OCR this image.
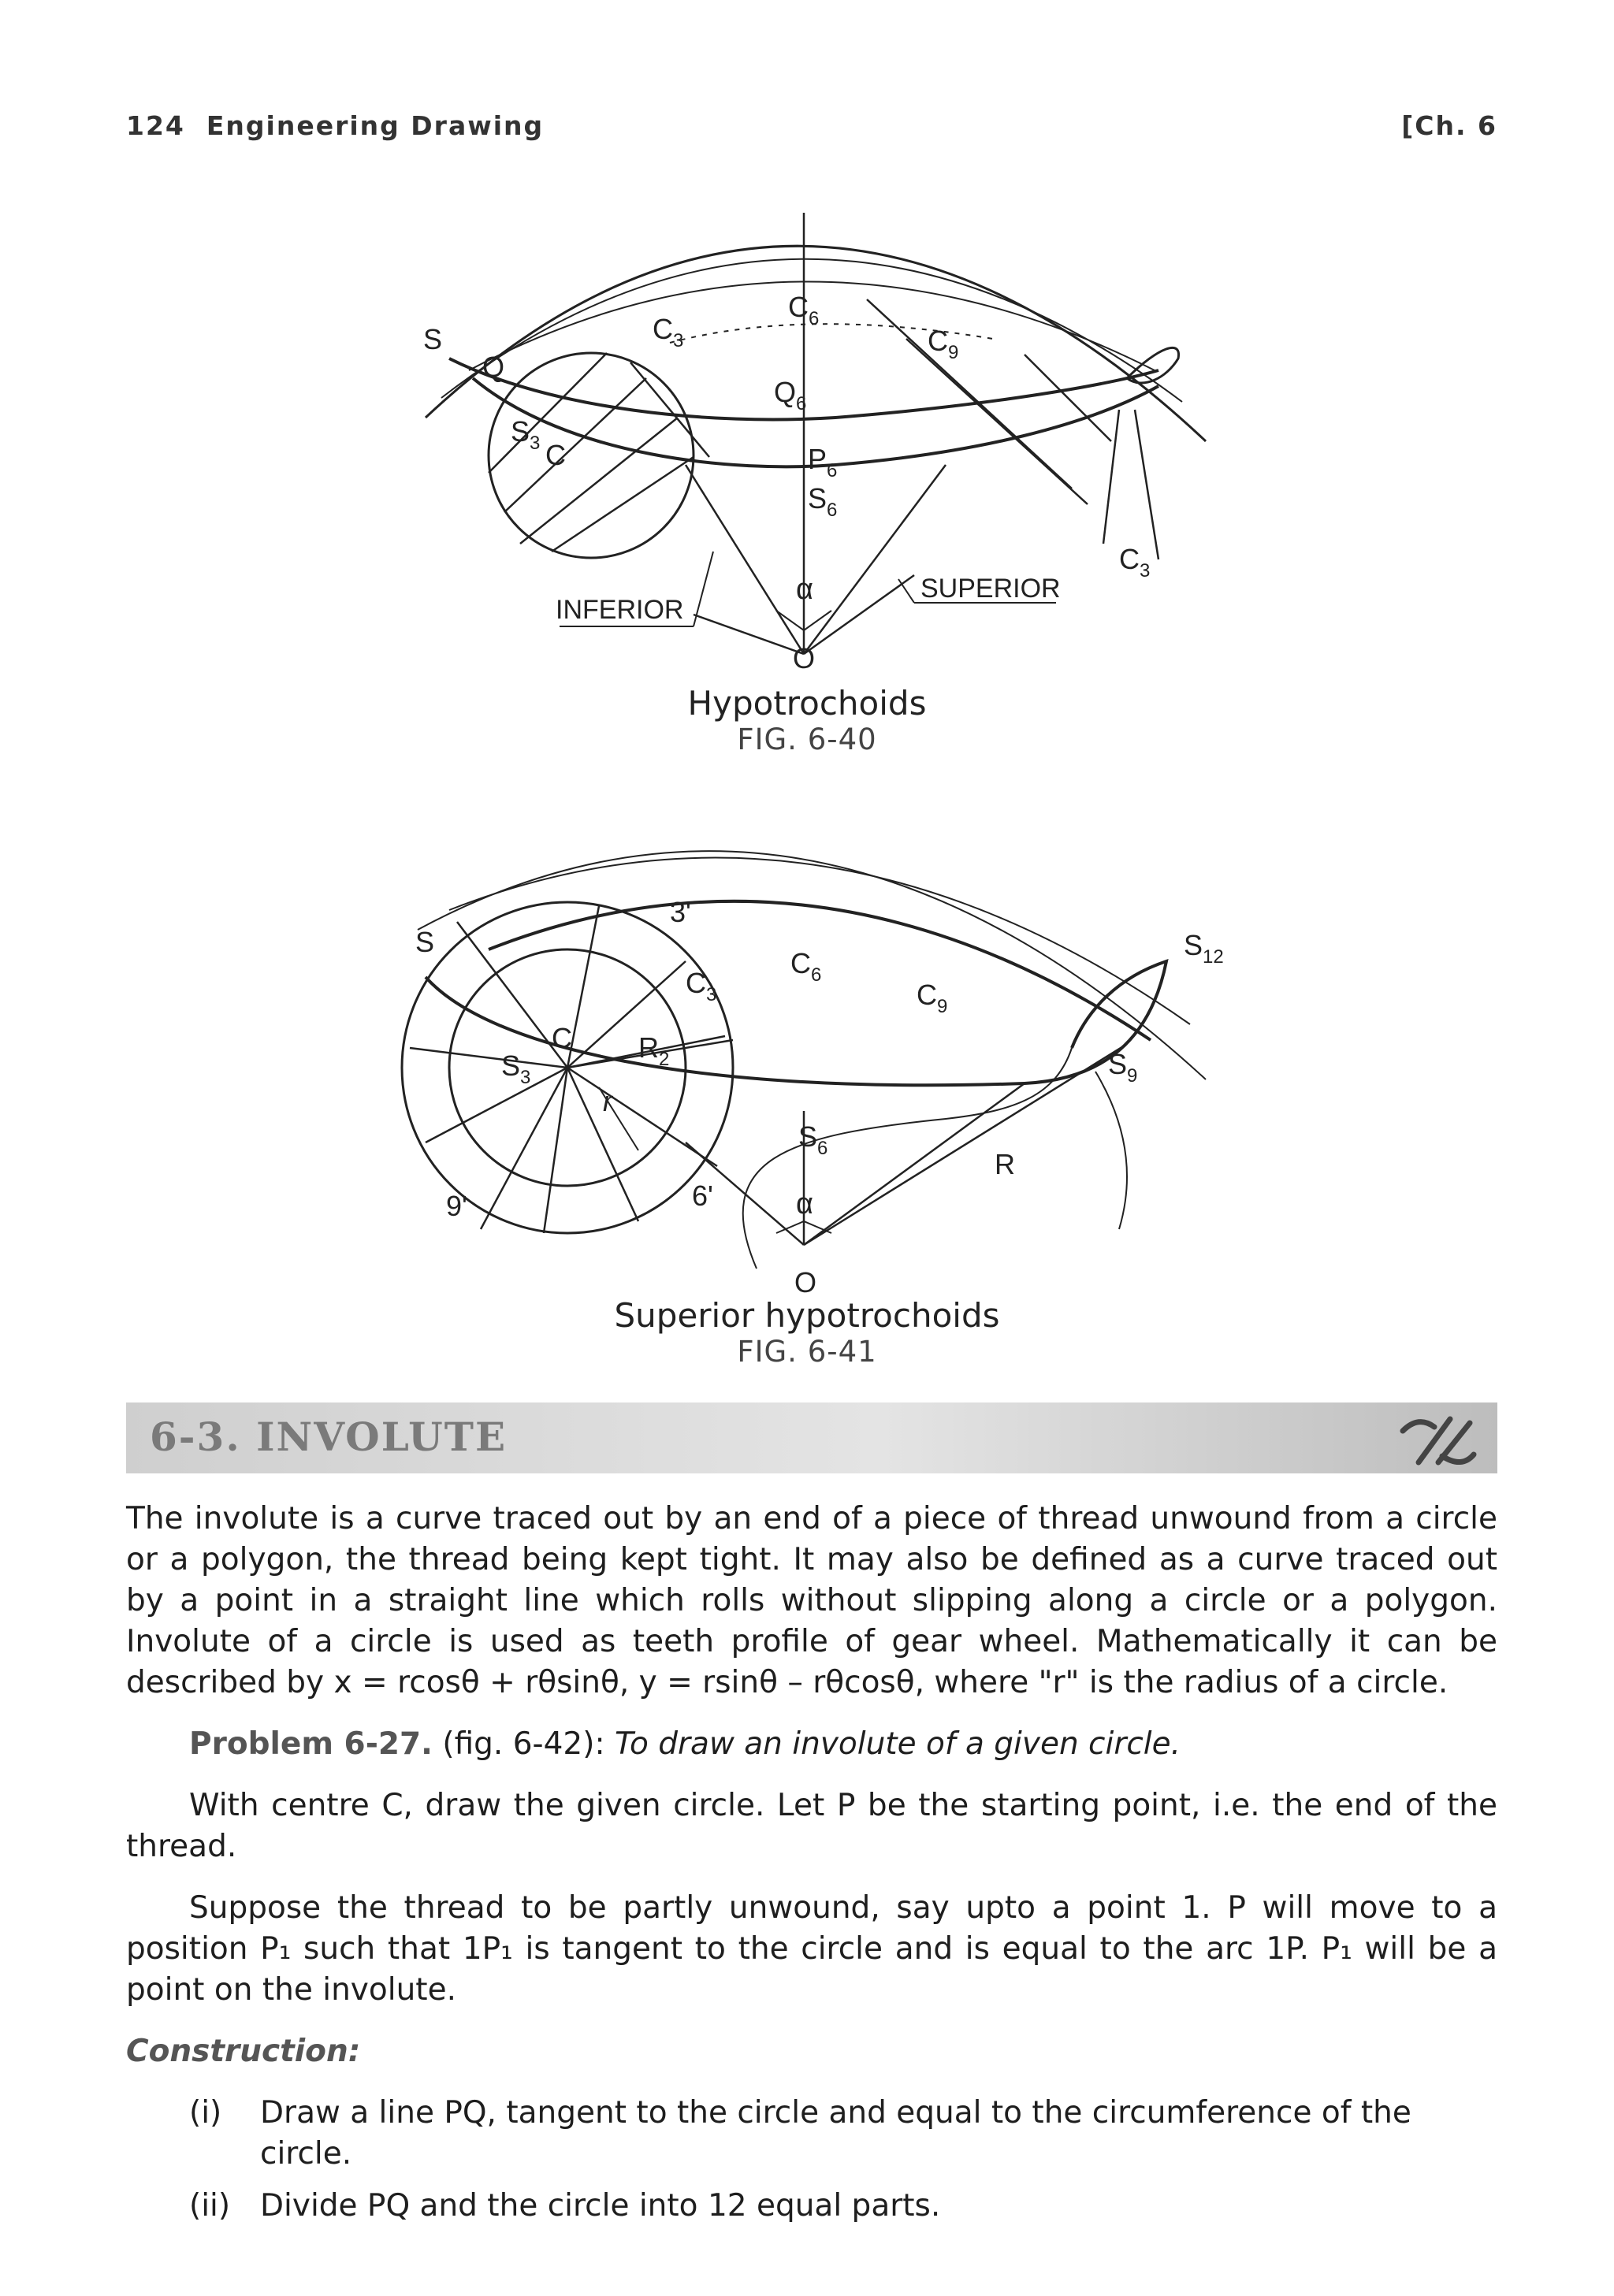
124 Engineering Drawing	[Ch. 6
S
Q
$C_3$
$C_6$
$C_9$
$Q_6$
$P_6$
$S_6$
$S_3$ C
α
O
INFERIOR
SUPERIOR
$C_3$
Hypotrochoids
FIG. 6-40
S
3'
$C_3$
$C_6$
$C_9$
$S_{12}$
C $R_2$
$S_3$	$S_9$
r
$S_6$	R
9'	6'	α
O
Superior hypotrochoids
FIG. 6-41
6-3. INVOLUTE

The involute is a curve traced out by an end of a piece of thread unwound from a circle or a polygon, the thread being kept tight. It may also be defined as a curve traced out by a point in a straight line which rolls without slipping along a circle or a polygon. Involute of a circle is used as teeth profile of gear wheel. Mathematically it can be described by x = rcosθ + rθsinθ, y = rsinθ – rθcosθ, where "r" is the radius of a circle.

Problem 6-27. (fig. 6-42): To draw an involute of a given circle.

With centre C, draw the given circle. Let P be the starting point, i.e. the end of the thread.

Suppose the thread to be partly unwound, say upto a point 1. P will move to a position P₁ such that 1P₁ is tangent to the circle and is equal to the arc 1P. P₁ will be a point on the involute.

Construction:

(i) Draw a line PQ, tangent to the circle and equal to the circumference of the circle.
(ii) Divide PQ and the circle into 12 equal parts.
